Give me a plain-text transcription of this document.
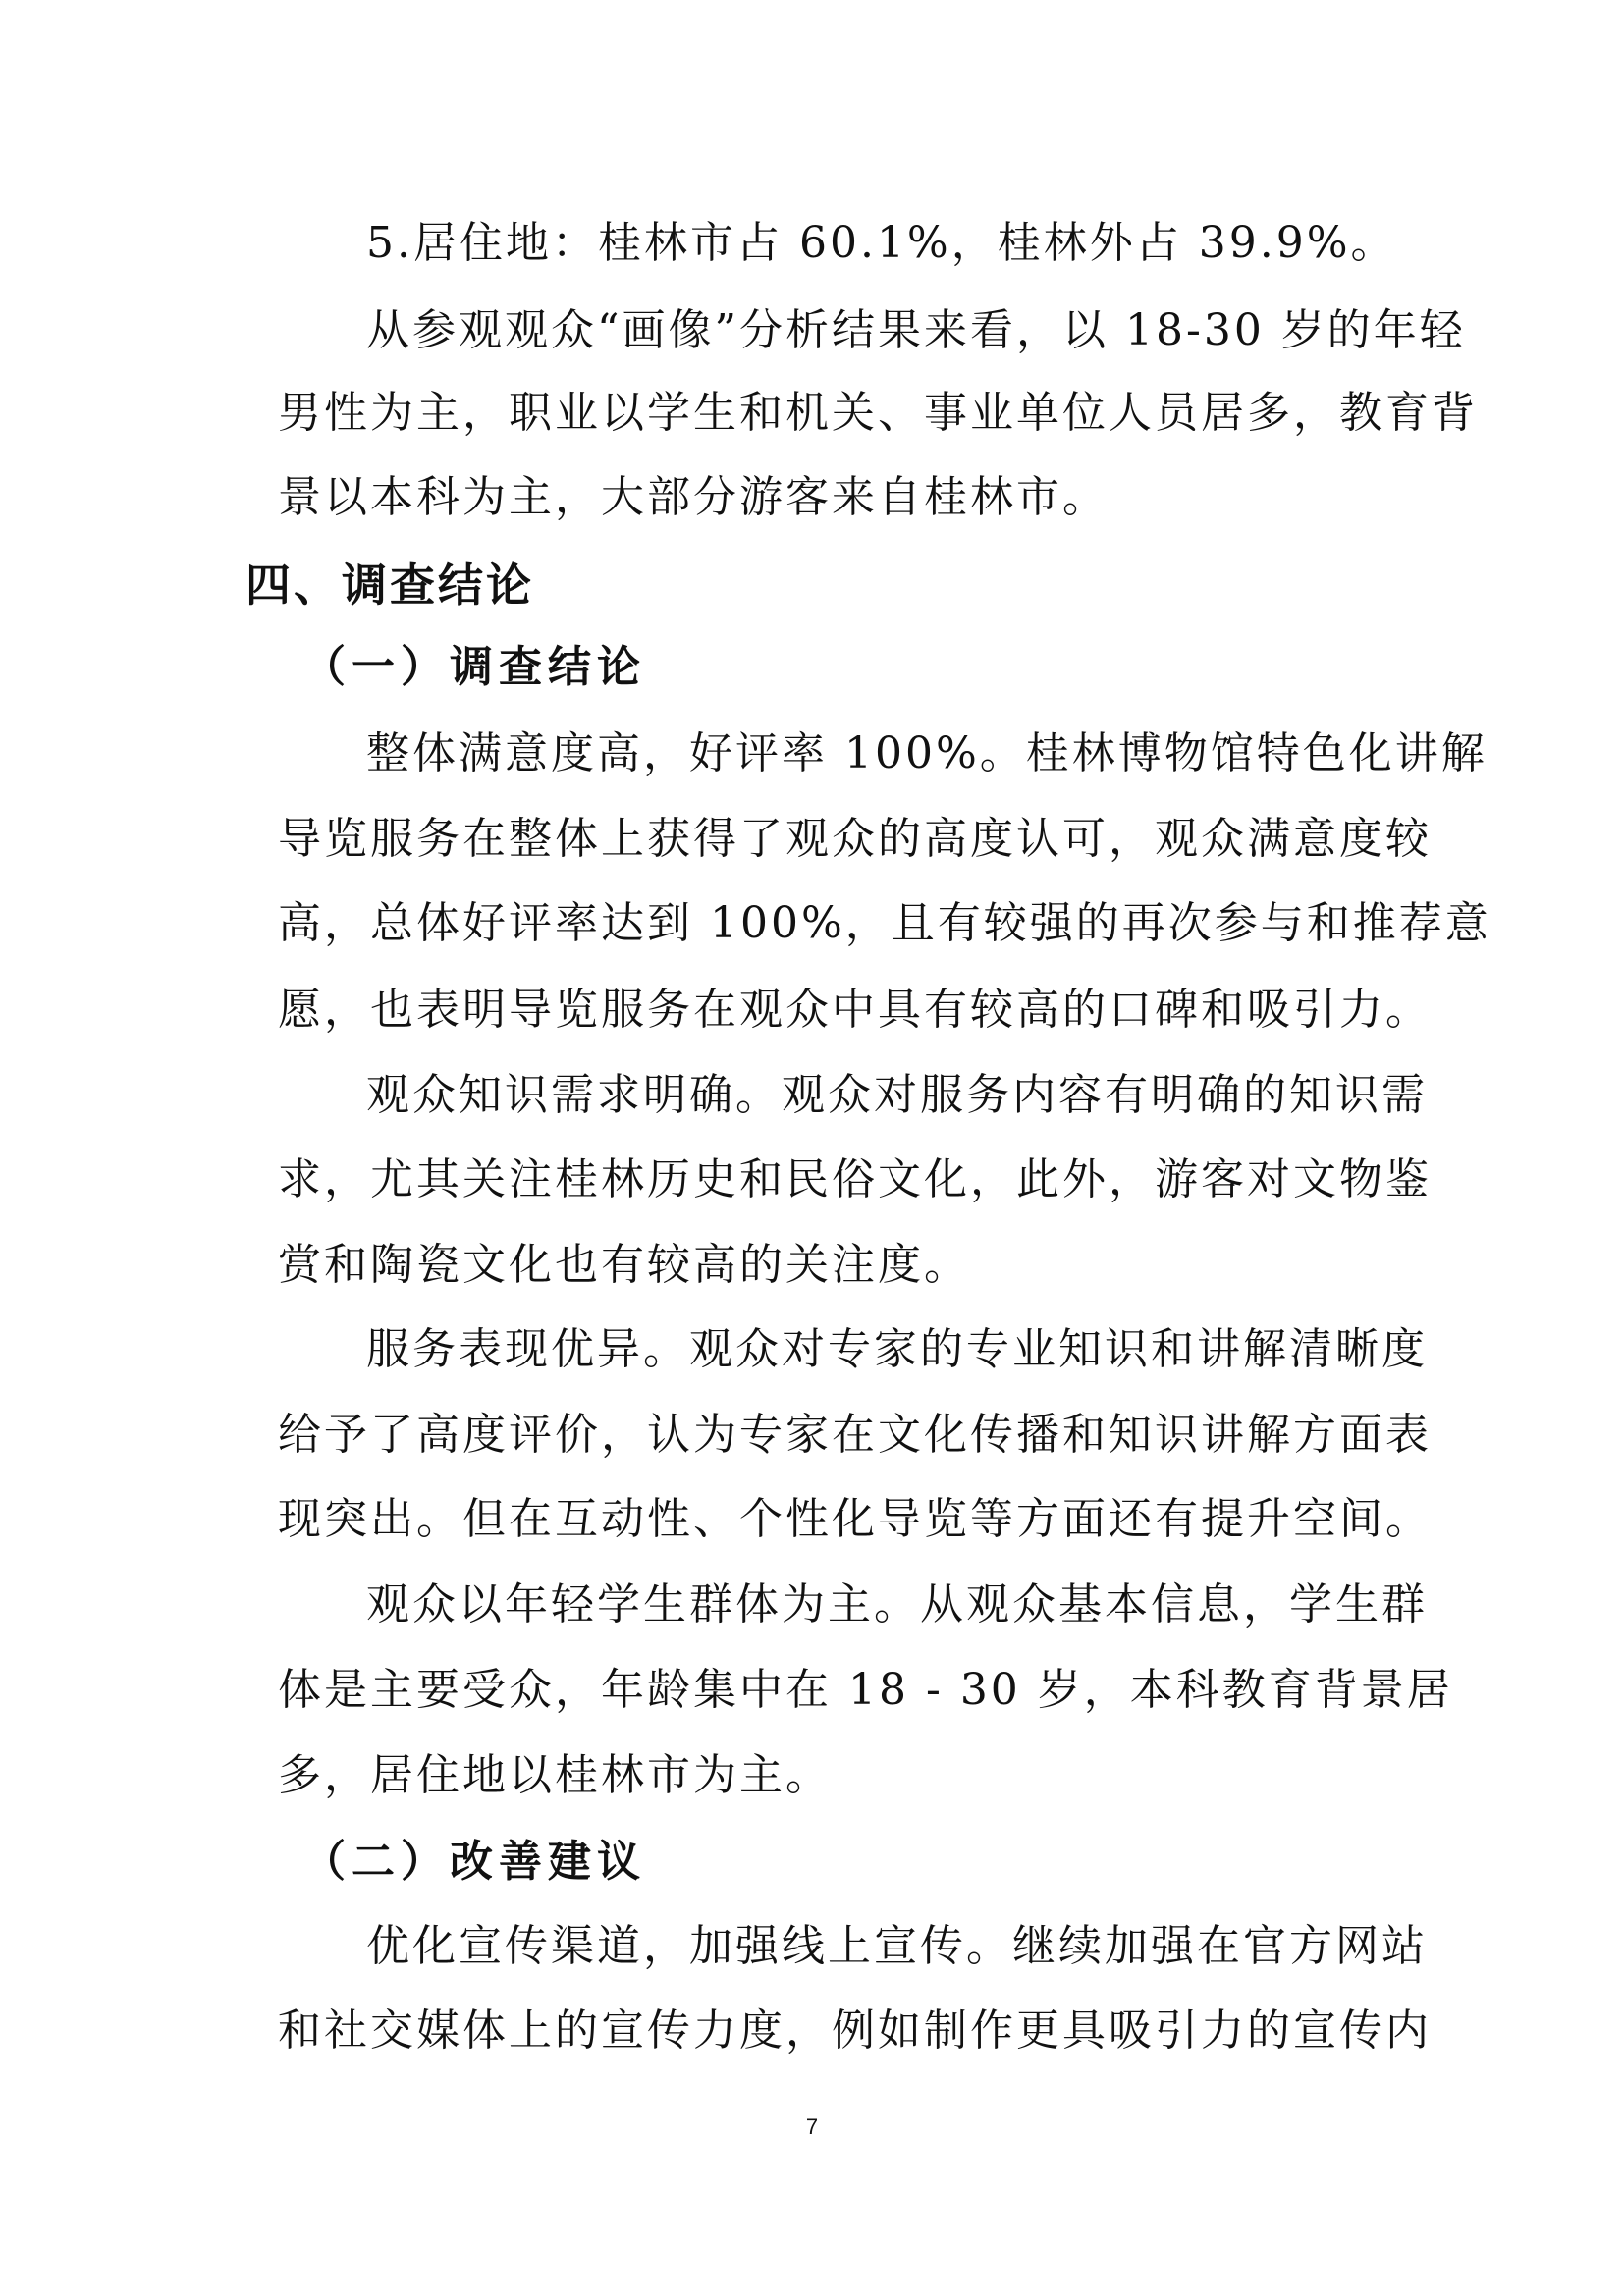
5.居住地：桂林市占 60.1%，桂林外占 39.9%。
从参观观众“画像”分析结果来看，以 18-30 岁的年轻
男性为主，职业以学生和机关、事业单位人员居多，教育背
景以本科为主，大部分游客来自桂林市。
四、调查结论
（一）调查结论
整体满意度高，好评率 100%。桂林博物馆特色化讲解
导览服务在整体上获得了观众的高度认可，观众满意度较
高，总体好评率达到 100%，且有较强的再次参与和推荐意
愿，也表明导览服务在观众中具有较高的口碑和吸引力。
观众知识需求明确。观众对服务内容有明确的知识需
求，尤其关注桂林历史和民俗文化，此外，游客对文物鉴
赏和陶瓷文化也有较高的关注度。
服务表现优异。观众对专家的专业知识和讲解清晰度
给予了高度评价，认为专家在文化传播和知识讲解方面表
现突出。但在互动性、个性化导览等方面还有提升空间。
观众以年轻学生群体为主。从观众基本信息，学生群
体是主要受众，年龄集中在 18 - 30 岁，本科教育背景居
多，居住地以桂林市为主。
（二）改善建议
优化宣传渠道，加强线上宣传。继续加强在官方网站
和社交媒体上的宣传力度，例如制作更具吸引力的宣传内
7
